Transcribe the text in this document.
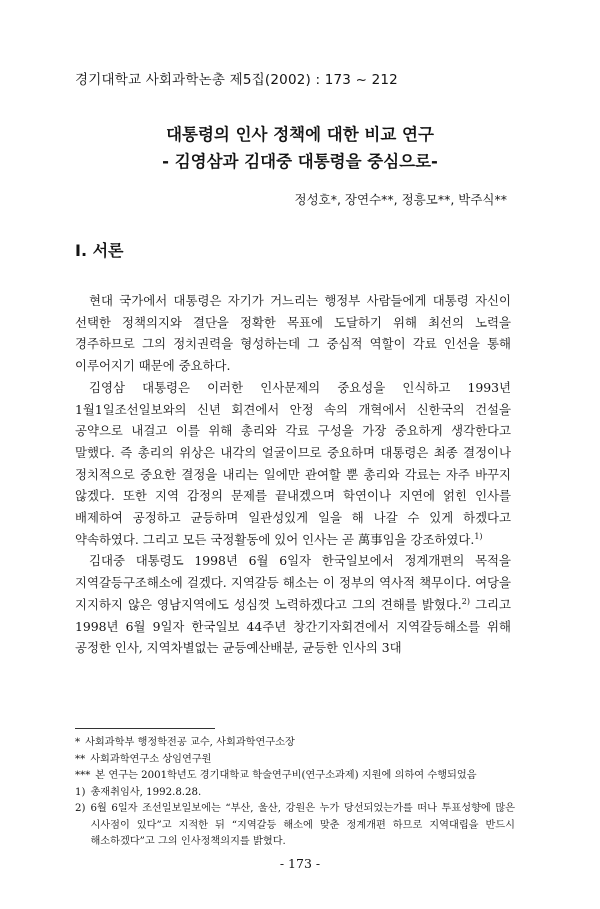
경기대학교 사회과학논총 제5집(2002) : 173 ~ 212
대통령의 인사 정책에 대한 비교 연구
- 김영삼과 김대중 대통령을 중심으로-
정성호*, 장연수**, 정흥모**, 박주식**
Ⅰ. 서론

현대 국가에서 대통령은 자기가 거느리는 행정부 사람들에게 대통령 자신이 선택한 정책의지와 결단을 정확한 목표에 도달하기 위해 최선의 노력을 경주하므로 그의 정치권력을 형성하는데 그 중심적 역할이 각료 인선을 통해 이루어지기 때문에 중요하다.

김영삼 대통령은 이러한 인사문제의 중요성을 인식하고 1993년 1월1일조선일보와의 신년 회견에서 안정 속의 개혁에서 신한국의 건설을 공약으로 내걸고 이를 위해 총리와 각료 구성을 가장 중요하게 생각한다고 말했다. 즉 총리의 위상은 내각의 얼굴이므로 중요하며 대통령은 최종 결정이나 정치적으로 중요한 결정을 내리는 일에만 관여할 뿐 총리와 각료는 자주 바꾸지 않겠다. 또한 지역 감정의 문제를 끝내겠으며 학연이나 지연에 얽힌 인사를 배제하여 공정하고 균등하며 일관성있게 일을 해 나갈 수 있게 하겠다고 약속하였다. 그리고 모든 국정활동에 있어 인사는 곧 萬事임을 강조하였다.$^{1)}$

김대중 대통령도 1998년 6월 6일자 한국일보에서 정계개편의 목적을 지역갈등구조해소에 걸겠다. 지역갈등 해소는 이 정부의 역사적 책무이다. 여당을 지지하지 않은 영남지역에도 성심껏 노력하겠다고 그의 견해를 밝혔다.$^{2)}$ 그리고 1998년 6월 9일자 한국일보 44주년 창간기자회견에서 지역갈등해소를 위해 공정한 인사, 지역차별없는 균등예산배분, 균등한 인사의 3대

* 사회과학부 행정학전공 교수, 사회과학연구소장
** 사회과학연구소 상임연구원
*** 본 연구는 2001학년도 경기대학교 학술연구비(연구소과제) 지원에 의하여 수행되었음
1) 총재취임사, 1992.8.28.
2) 6월 6일자 조선일보일보에는 “부산, 울산, 강원은 누가 당선되었는가를 떠나 투표성향에 많은 시사점이 있다”고 지적한 뒤 “지역갈등 해소에 맞춘 정계개편 하므로 지역대립을 반드시 해소하겠다”고 그의 인사정책의지를 밝혔다.
- 173 -
